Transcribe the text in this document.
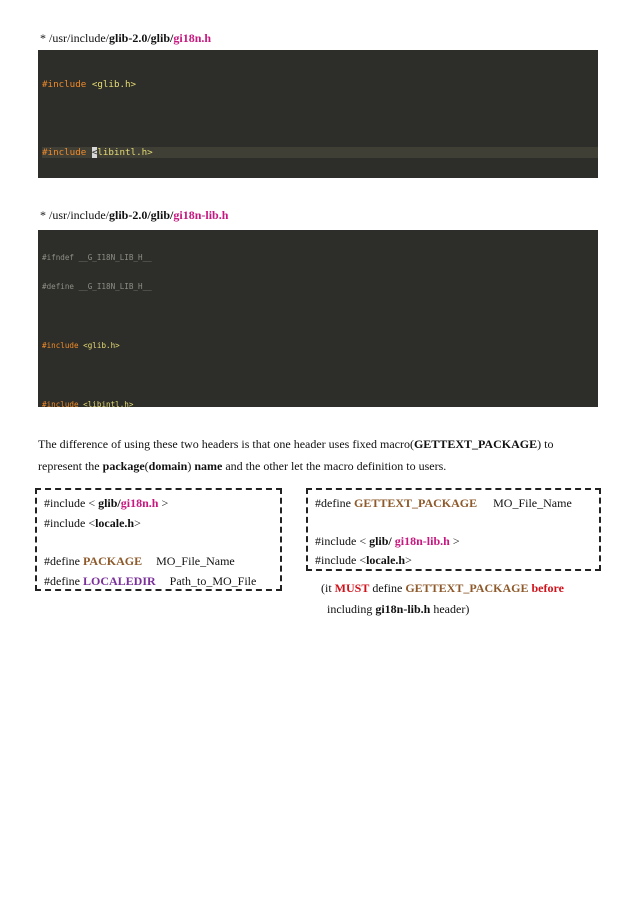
* /usr/include/glib-2.0/glib/gi18n.h

#include <glib.h>

#include <libintl.h>

* /usr/include/glib-2.0/glib/gi18n-lib.h

#ifndef __G_I18N_LIB_H__

#define __G_I18N_LIB_H__

#include <glib.h>

#include <libintl.h>

The difference of using these two headers is that one header uses fixed macro(GETTEXT_PACKAGE) to
represent the package(domain) name and the other let the macro definition to users.
#include < glib/gi18n.h >
#include <locale.h>
#define PACKAGE MO_File_Name
#define LOCALEDIR Path_to_MO_File
#define GETTEXT_PACKAGE MO_File_Name
#include < glib/ gi18n-lib.h >
#include <locale.h>
(it MUST define GETTEXT_PACKAGE before
including gi18n-lib.h header)
